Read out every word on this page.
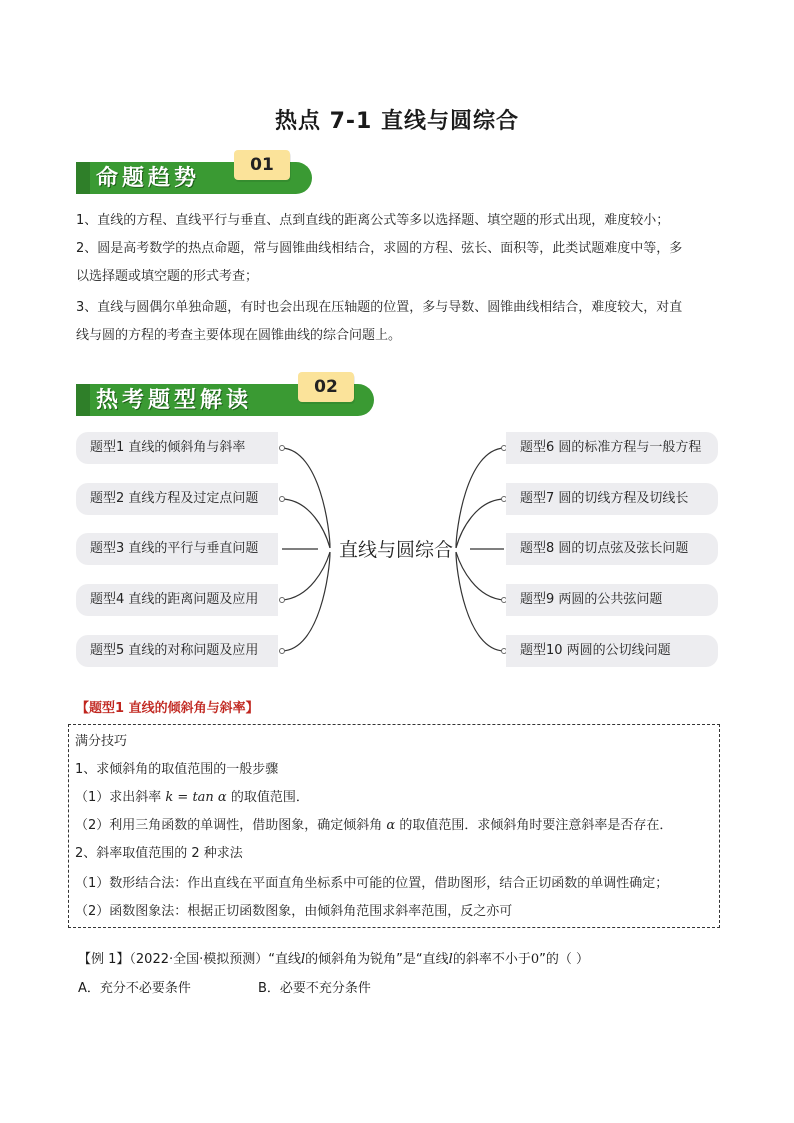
热点 7-1 直线与圆综合
命题趋势	01
1、直线的方程、直线平行与垂直、点到直线的距离公式等多以选择题、填空题的形式出现，难度较小；
2、圆是高考数学的热点命题，常与圆锥曲线相结合，求圆的方程、弦长、面积等，此类试题难度中等，多
以选择题或填空题的形式考查；
3、直线与圆偶尔单独命题，有时也会出现在压轴题的位置，多与导数、圆锥曲线相结合，难度较大，对直
线与圆的方程的考查主要体现在圆锥曲线的综合问题上。
热考题型解读	02
直线与圆综合
题型1 直线的倾斜角与斜率
题型2 直线方程及过定点问题
题型3 直线的平行与垂直问题
题型4 直线的距离问题及应用
题型5 直线的对称问题及应用
题型6 圆的标准方程与一般方程
题型7 圆的切线方程及切线长
题型8 圆的切点弦及弦长问题
题型9 两圆的公共弦问题
题型10 两圆的公切线问题
【题型1 直线的倾斜角与斜率】
满分技巧
1、求倾斜角的取值范围的一般步骤
（1）求出斜率 k = tan α 的取值范围．
（2）利用三角函数的单调性，借助图象，确定倾斜角 α 的取值范围．求倾斜角时要注意斜率是否存在．
2、斜率取值范围的 2 种求法
（1）数形结合法：作出直线在平面直角坐标系中可能的位置，借助图形，结合正切函数的单调性确定；
（2）函数图象法：根据正切函数图象，由倾斜角范围求斜率范围，反之亦可
【例 1】（2022·全国·模拟预测）“直线l的倾斜角为锐角”是“直线l的斜率不小于0”的（ ）
A．充分不必要条件	B．必要不充分条件
